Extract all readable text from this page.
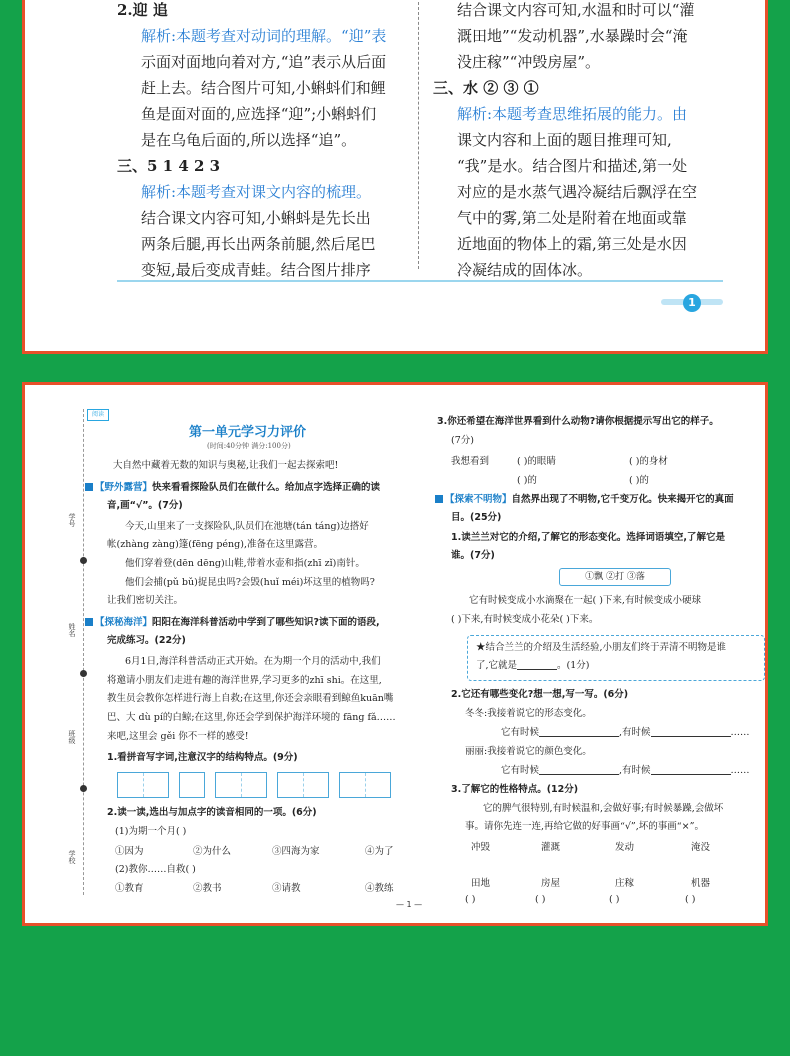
2.迎 追
解析:本题考查对动词的理解。“迎”表
示面对面地向着对方,“追”表示从后面
赶上去。结合图片可知,小蝌蚪们和鲤
鱼是面对面的,应选择“迎”;小蝌蚪们
是在乌龟后面的,所以选择“追”。
三、5 1 4 2 3
解析:本题考查对课文内容的梳理。
结合课文内容可知,小蝌蚪是先长出
两条后腿,再长出两条前腿,然后尾巴
变短,最后变成青蛙。结合图片排序
结合课文内容可知,水温和时可以“灌
溉田地”“发动机器”,水暴躁时会“淹
没庄稼”“冲毁房屋”。
三、水 ② ③ ①
解析:本题考查思维拓展的能力。由
课文内容和上面的题目推理可知,
“我”是水。结合图片和描述,第一处
对应的是水蒸气遇冷凝结后飘浮在空
气中的雾,第二处是附着在地面或靠
近地面的物体上的霜,第三处是水因
冷凝结成的固体冰。
1
阅读
学号
姓名
班级
学校
第一单元学习力评价
(时间:40分钟 满分:100分)
大自然中藏着无数的知识与奥秘,让我们一起去探索吧!
【野外露营】快来看看探险队员们在做什么。给加点字选择正确的读
音,画“√”。(7分)
今天,山里来了一支探险队,队员们在池塘(tán táng)边搭好
帐(zhàng zàng)篷(fēng péng),准备在这里露营。
他们穿着登(dēn dēng)山鞋,带着水壶和指(zhī zǐ)南针。
他们会捕(pǔ bǔ)捉昆虫吗?会毁(huǐ méi)坏这里的植物吗?
让我们密切关注。
【探秘海洋】阳阳在海洋科普活动中学到了哪些知识?读下面的语段,
完成练习。(22分)
6月1日,海洋科普活动正式开始。在为期一个月的活动中,我们
将邀请小朋友们走进有趣的海洋世界,学习更多的zhī shi。在这里,
教生员会教你怎样进行海上自救;在这里,你还会亲眼看到鲸鱼kuān嘴
巴、大 dù pí的白鲸;在这里,你还会学到保护海洋环境的 fāng fǎ……
来吧,这里会 gěi 你不一样的感受!
1.看拼音写字词,注意汉字的结构特点。(9分)
2.读一读,选出与加点字的读音相同的一项。(6分)
(1)为期一个月( )
①因为	②为什么	③四海为家	④为了
(2)教你……自救( )
①教育	②教书	③请教	④教练
3.你还希望在海洋世界看到什么动物?请你根据提示写出它的样子。
(7分)
我想看到	( )的眼睛	( )的身材
( )的	( )的
【探索不明物】自然界出现了不明物,它千变万化。快来揭开它的真面
目。(25分)
1.读兰兰对它的介绍,了解它的形态变化。选择词语填空,了解它是
谁。(7分)
①飘 ②打 ③落
它有时候变成小水滴聚在一起( )下来,有时候变成小硬球
( )下来,有时候变成小花朵( )下来。
★结合兰兰的介绍及生活经验,小朋友们终于弄清不明物是谁
了,它就是	。(1分)
2.它还有哪些变化?想一想,写一写。(6分)
冬冬:我接着说它的形态变化。
它有时候	,有时候	……
丽丽:我接着说它的颜色变化。
它有时候	,有时候	……
3.了解它的性格特点。(12分)
它的脾气很特别,有时候温和,会做好事;有时候暴躁,会做坏
事。请你先连一连,再给它做的好事画“√”,坏的事画“×”。
冲毁	灌溉	发动	淹没
田地	房屋	庄稼	机器
( )	( )	( )	( )
— 1 —
